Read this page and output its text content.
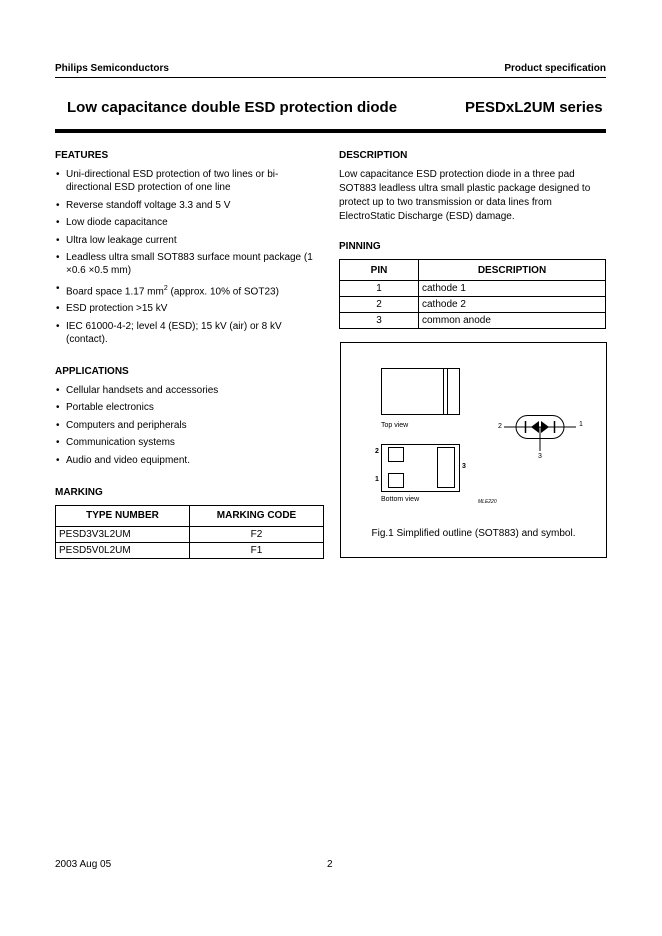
Philips Semiconductors	Product specification
Low capacitance double ESD protection diode	PESDxL2UM series
FEATURES
• Uni-directional ESD protection of two lines or bi-directional ESD protection of one line
• Reverse standoff voltage 3.3 and 5 V
• Low diode capacitance
• Ultra low leakage current
• Leadless ultra small SOT883 surface mount package (1 ×0.6 ×0.5 mm)
• Board space 1.17 $mm^2$ (approx. 10% of SOT23)
• ESD protection >15 kV
• IEC 61000-4-2; level 4 (ESD); 15 kV (air) or 8 kV (contact).
APPLICATIONS
• Cellular handsets and accessories
• Portable electronics
• Computers and peripherals
• Communication systems
• Audio and video equipment.
MARKING
TYPE NUMBER	MARKING CODE
PESD3V3L2UM	F2
PESD5V0L2UM	F1
DESCRIPTION
Low capacitance ESD protection diode in a three pad SOT883 leadless ultra small plastic package designed to protect up to two transmission or data lines from ElectroStatic Discharge (ESD) damage.
PINNING
PIN	DESCRIPTION
1	cathode 1
2	cathode 2
3	common anode
Top view
Bottom view
2
1
3
2	1
3
MLE220
Fig.1 Simplified outline (SOT883) and symbol.
2003 Aug 05	2
